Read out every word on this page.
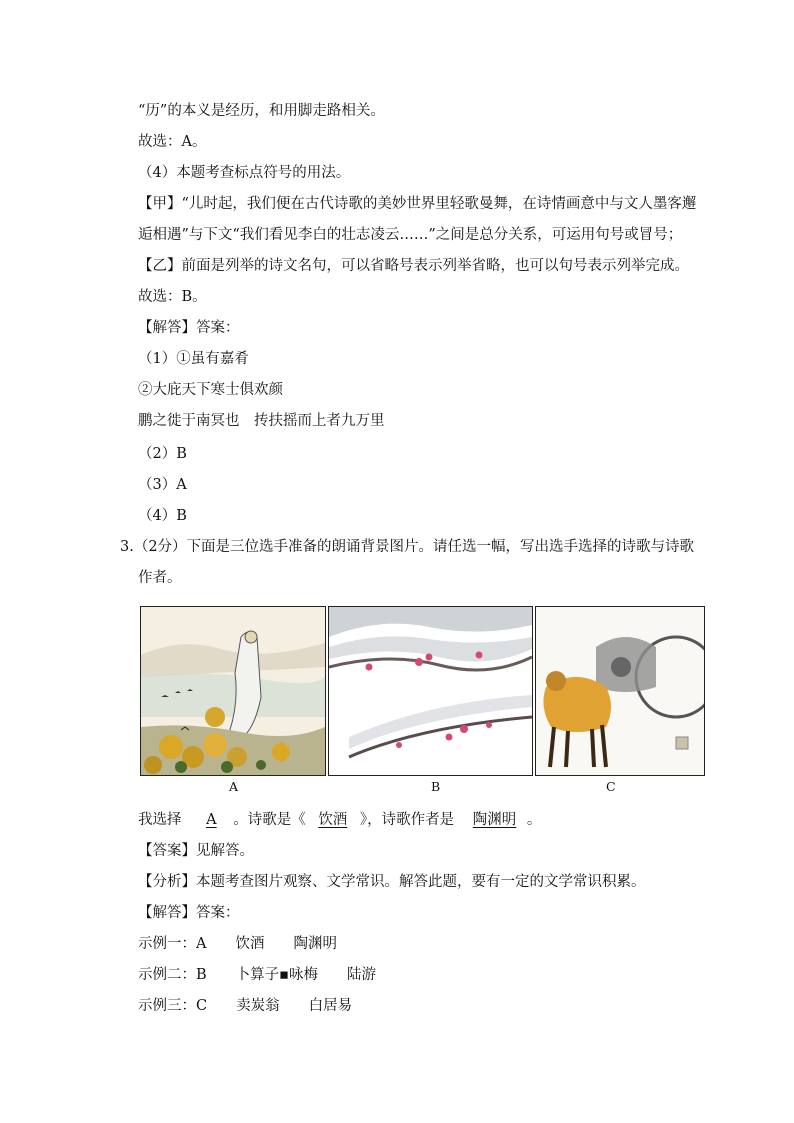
“历”的本义是经历，和用脚走路相关。
故选：A。
（4）本题考查标点符号的用法。
【甲】“儿时起，我们便在古代诗歌的美妙世界里轻歌曼舞，在诗情画意中与文人墨客邂
逅相遇”与下文“我们看见李白的壮志凌云……”之间是总分关系，可运用句号或冒号；
【乙】前面是列举的诗文名句，可以省略号表示列举省略，也可以句号表示列举完成。
故选：B。
【解答】答案：
（1）①虽有嘉肴
②大庇天下寒士俱欢颜
鹏之徙于南冥也　抟扶摇而上者九万里
（2）B
（3）A
（4）B
3.（2分）下面是三位选手准备的朗诵背景图片。请任选一幅，写出选手选择的诗歌与诗歌
作者。
A	B	C
我选择 A 。诗歌是《 饮酒 》，诗歌作者是 陶渊明 。
【答案】见解答。
【分析】本题考查图片观察、文学常识。解答此题，要有一定的文学常识积累。
【解答】答案：
示例一：A　　饮酒　　陶渊明
示例二：B　　卜算子▪咏梅　　陆游
示例三：C　　卖炭翁　　白居易
